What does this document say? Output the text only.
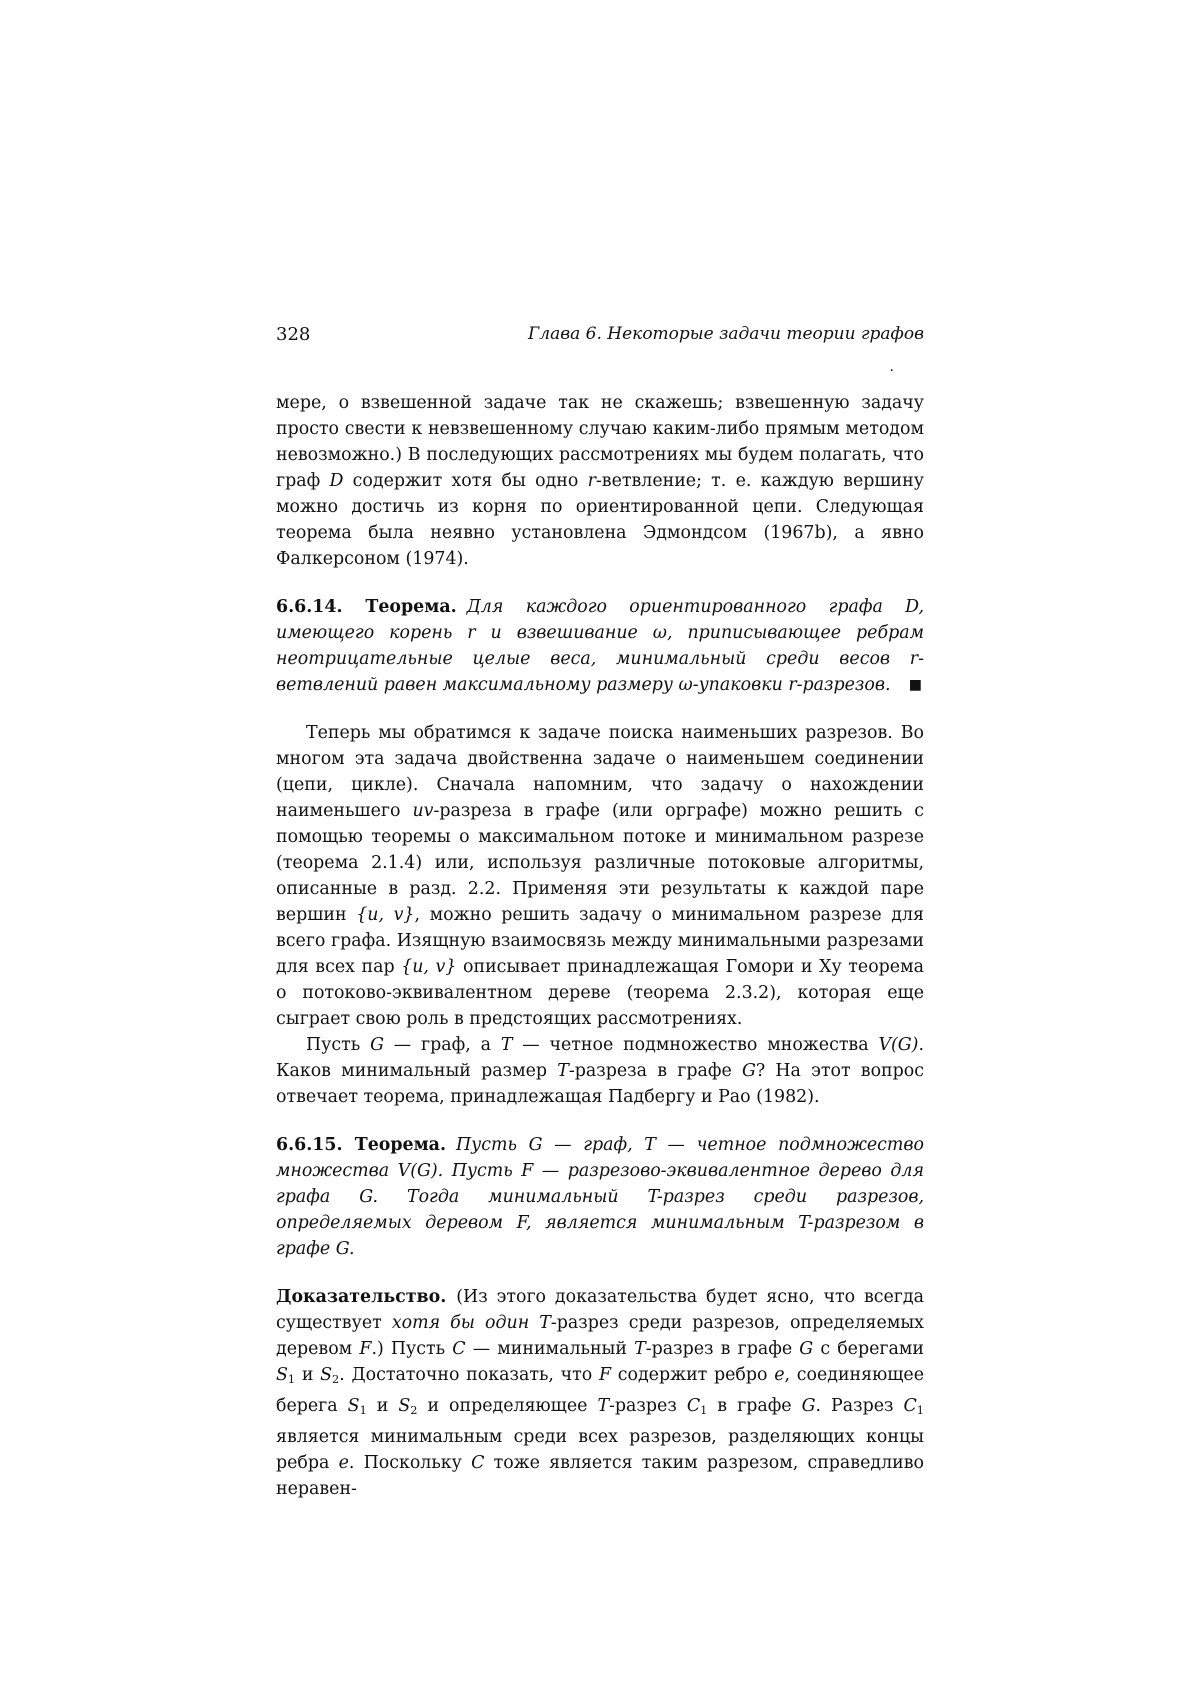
328	Глава 6. Некоторые задачи теории графов
.

мере, о взвешенной задаче так не скажешь; взвешенную задачу просто свести к невзвешенному случаю каким-либо прямым методом невозможно.) В последующих рассмотрениях мы будем полагать, что граф D содержит хотя бы одно r-ветвление; т. е. каждую вершину можно достичь из корня по ориентированной цепи. Следующая теорема была неявно установлена Эдмондсом (1967b), а явно Фалкерсоном (1974).

6.6.14. Теорема. Для каждого ориентированного графа D, имеющего корень r и взвешивание ω, приписывающее ребрам неотрицательные целые веса, минимальный среди весов r-ветвлений равен максимальному размеру ω-упаковки r-разрезов. ■

Теперь мы обратимся к задаче поиска наименьших разрезов. Во многом эта задача двойственна задаче о наименьшем соединении (цепи, цикле). Сначала напомним, что задачу о нахождении наименьшего uv-разреза в графе (или орграфе) можно решить с помощью теоремы о максимальном потоке и минимальном разрезе (теорема 2.1.4) или, используя различные потоковые алгоритмы, описанные в разд. 2.2. Применяя эти результаты к каждой паре вершин {u, v}, можно решить задачу о минимальном разрезе для всего графа. Изящную взаимосвязь между минимальными разрезами для всех пар {u, v} описывает принадлежащая Гомори и Ху теорема о потоково-эквивалентном дереве (теорема 2.3.2), которая еще сыграет свою роль в предстоящих рассмотрениях.

Пусть G — граф, а T — четное подмножество множества V(G). Каков минимальный размер T-разреза в графе G? На этот вопрос отвечает теорема, принадлежащая Падбергу и Рао (1982).

6.6.15. Теорема. Пусть G — граф, T — четное подмножество множества V(G). Пусть F — разрезово-эквивалентное дерево для графа G. Тогда минимальный T-разрез среди разрезов, определяемых деревом F, является минимальным T-разрезом в графе G.

Доказательство. (Из этого доказательства будет ясно, что всегда существует хотя бы один T-разрез среди разрезов, определяемых деревом F.) Пусть C — минимальный T-разрез в графе G с берегами $S_1$ и $S_2$. Достаточно показать, что F содержит ребро e, соединяющее берега $S_1$ и $S_2$ и определяющее T-разрез $C_1$ в графе G. Разрез $C_1$ является минимальным среди всех разрезов, разделяющих концы ребра e. Поскольку C тоже является таким разрезом, справедливо неравен-
